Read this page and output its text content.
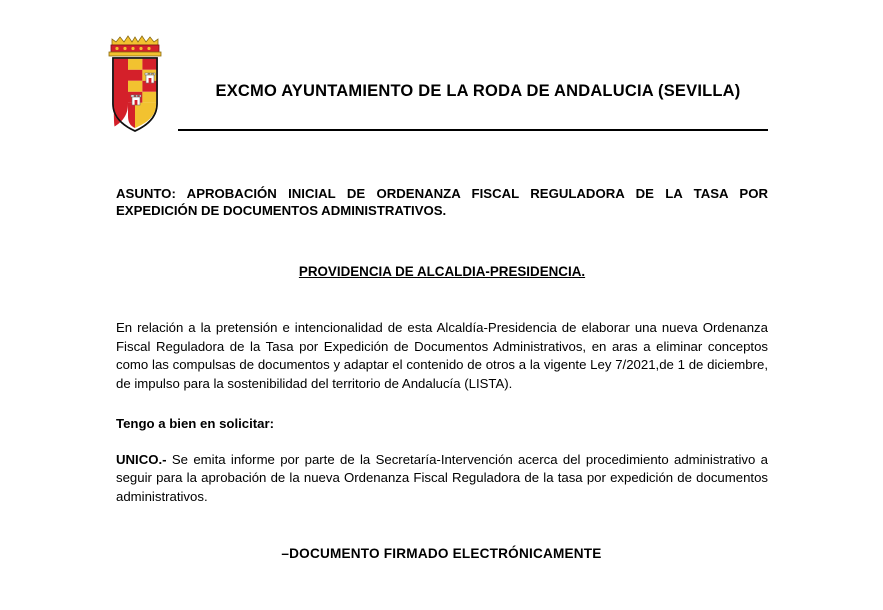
EXCMO AYUNTAMIENTO DE LA RODA DE ANDALUCIA (SEVILLA)

ASUNTO: APROBACIÓN INICIAL DE ORDENANZA FISCAL REGULADORA DE LA TASA POR EXPEDICIÓN DE DOCUMENTOS ADMINISTRATIVOS.

PROVIDENCIA DE ALCALDIA-PRESIDENCIA.

En relación a la pretensión e intencionalidad de esta Alcaldía-Presidencia de elaborar una nueva Ordenanza Fiscal Reguladora de la Tasa por Expedición de Documentos Administrativos, en aras a eliminar conceptos como las compulsas de documentos y adaptar el contenido de otros a la vigente Ley 7/2021,de 1 de diciembre, de impulso para la sostenibilidad del territorio de Andalucía (LISTA).

Tengo a bien en solicitar:

UNICO.- Se emita informe por parte de la Secretaría-Intervención acerca del procedimiento administrativo a seguir para la aprobación de la nueva Ordenanza Fiscal Reguladora de la tasa por expedición de documentos administrativos.

–DOCUMENTO FIRMADO ELECTRÓNICAMENTE
